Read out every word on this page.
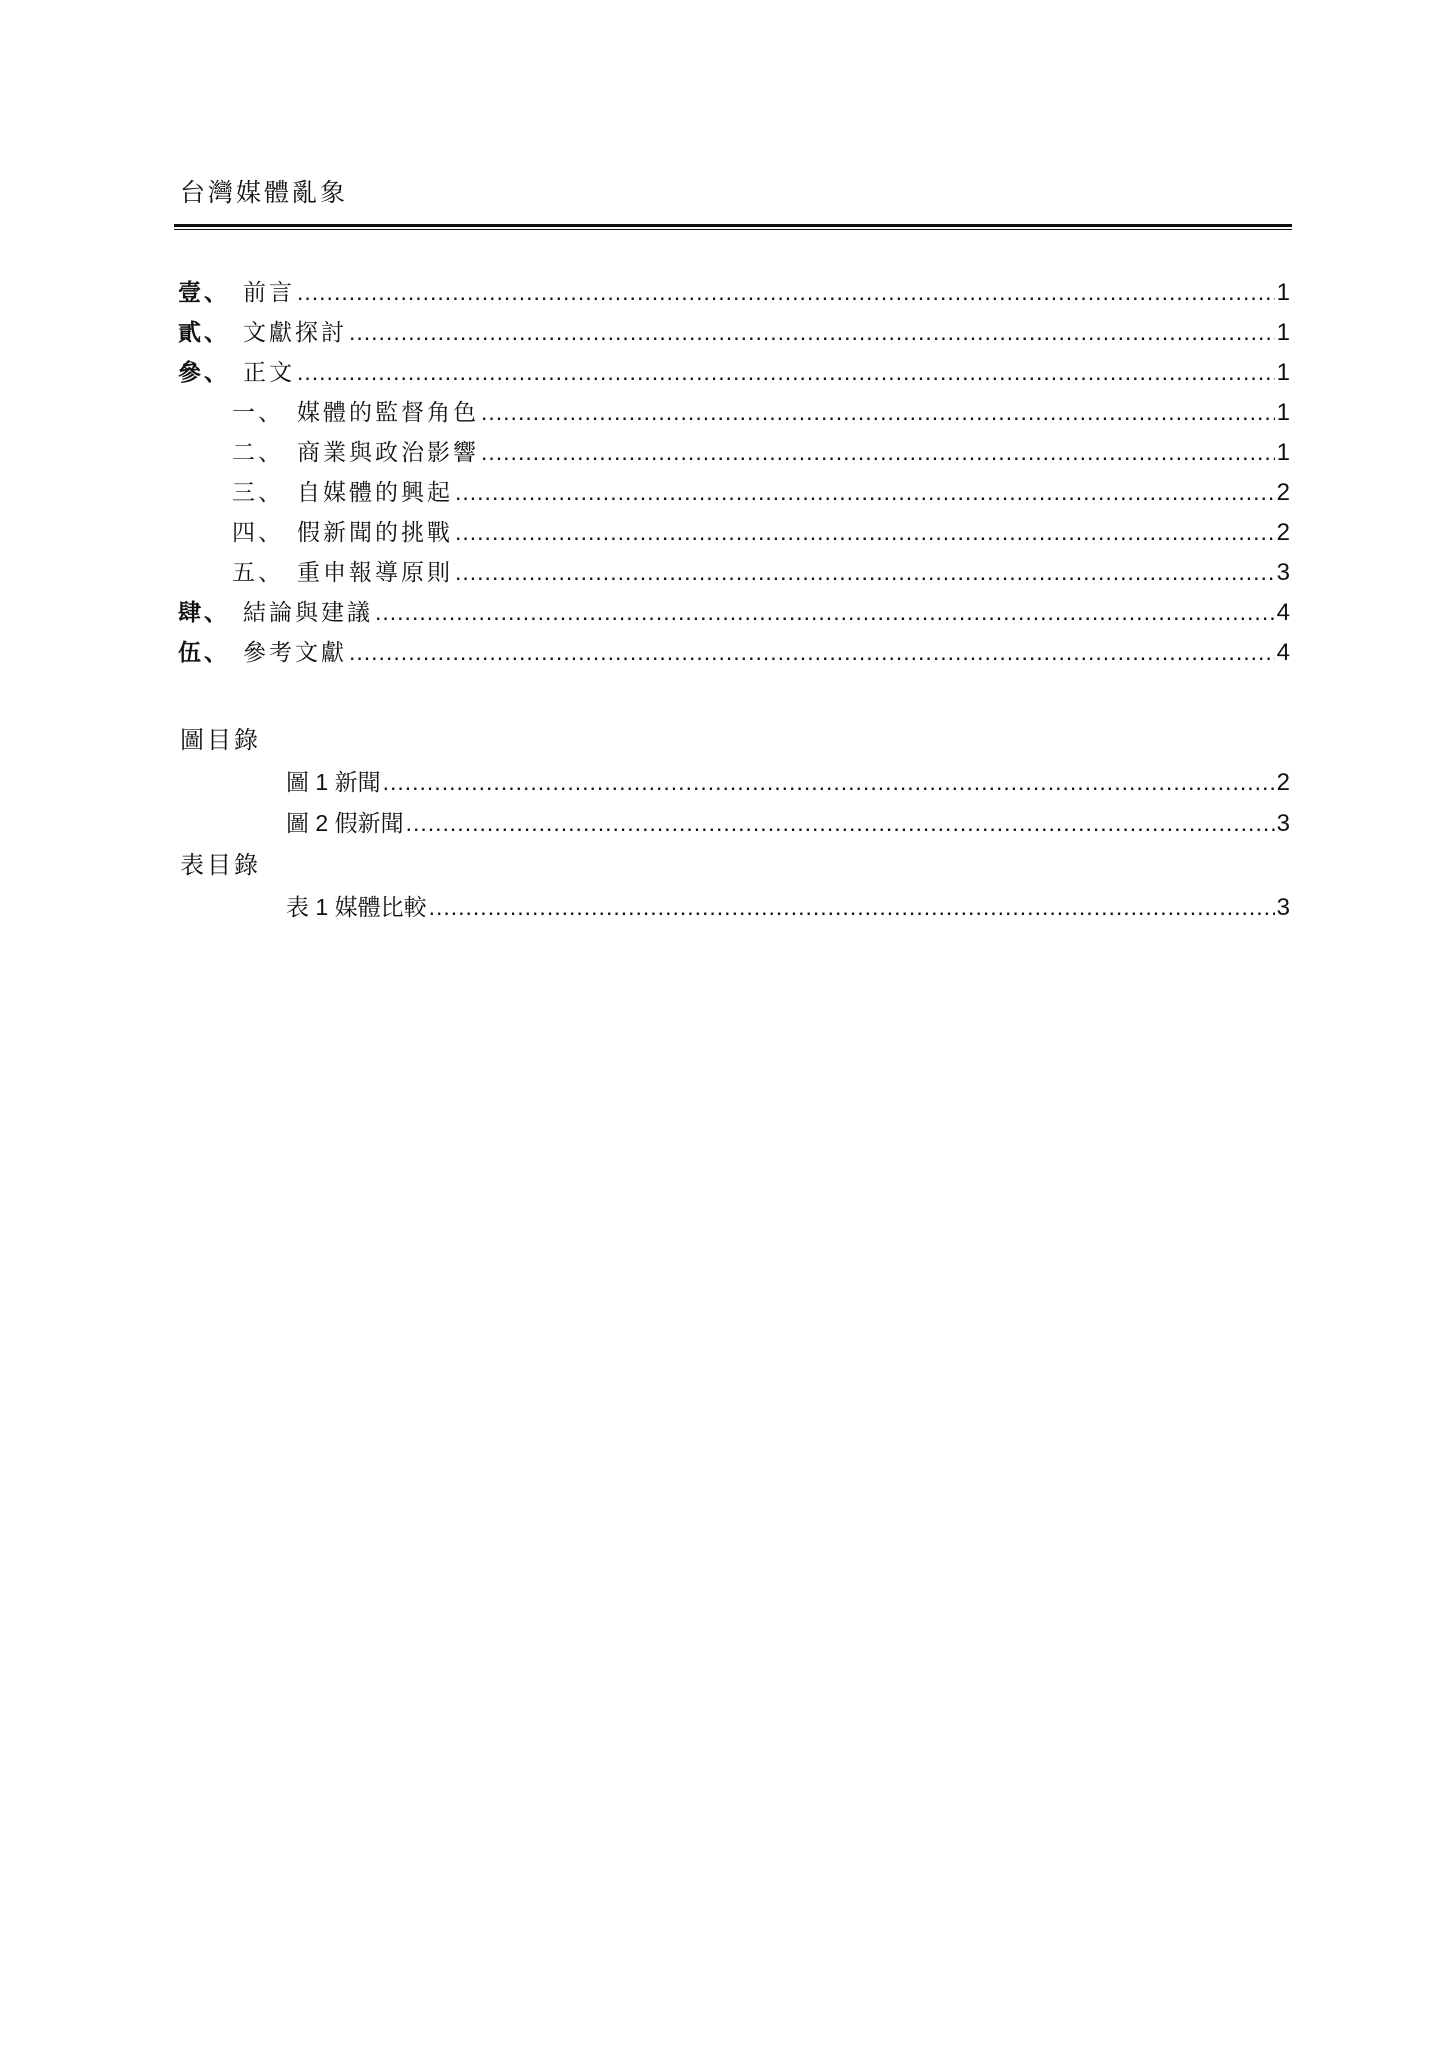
台灣媒體亂象
壹、 前言 .....	1
貳、 文獻探討 .....	1
參、 正文 .....	1
一、 媒體的監督角色 .....	1
二、 商業與政治影響 .....	1
三、 自媒體的興起 .....	2
四、 假新聞的挑戰 .....	2
五、 重申報導原則 .....	3
肆、 結論與建議 .....	4
伍、 參考文獻 .....	4
圖目錄
圖 1 新聞 .....	2
圖 2 假新聞 .....	3
表目錄
表 1 媒體比較 .....	3
